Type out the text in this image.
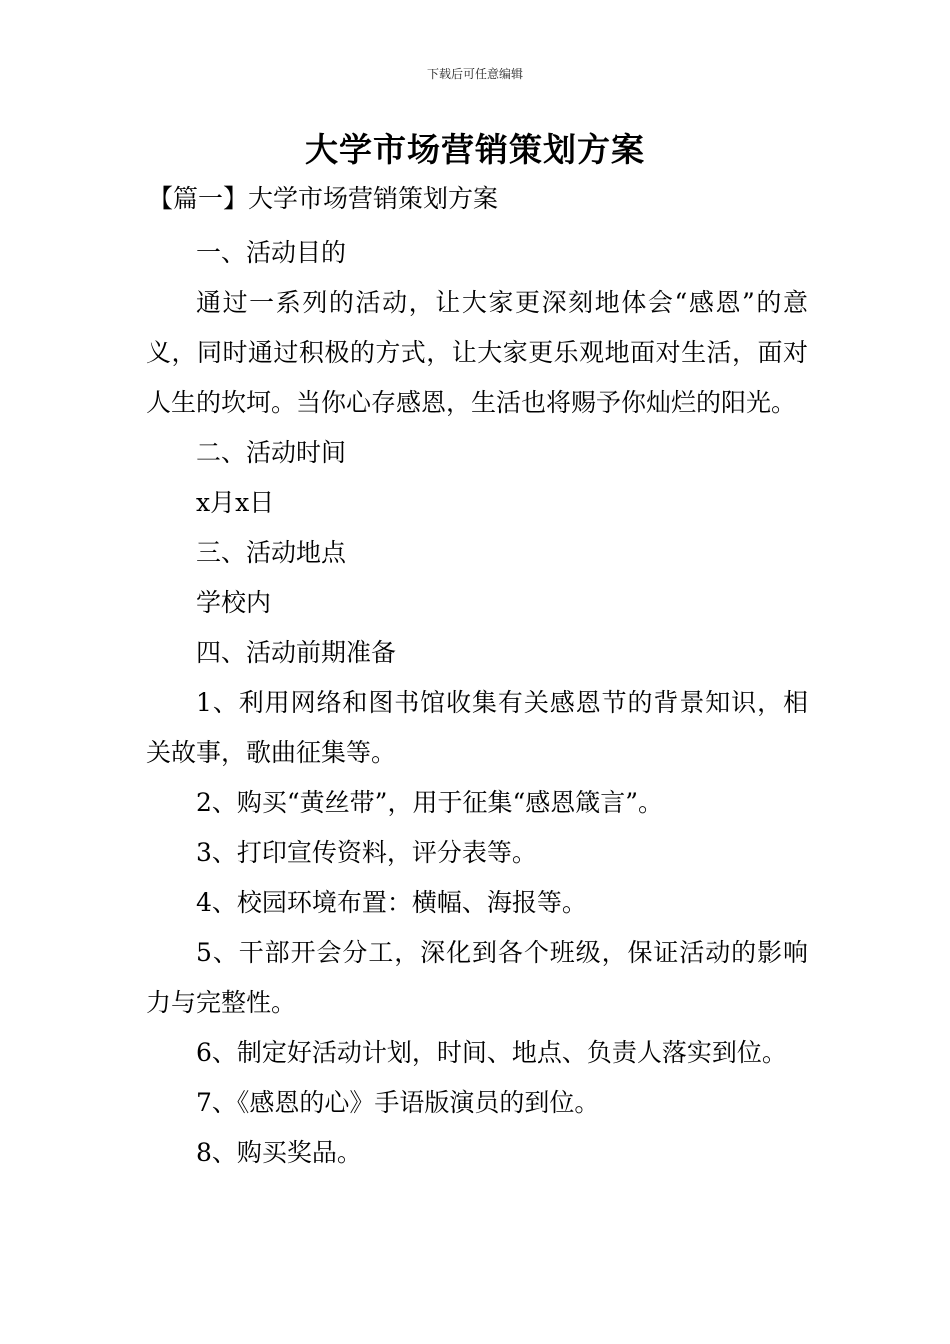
下载后可任意编辑
大学市场营销策划方案
【篇一】大学市场营销策划方案

一、活动目的

通过一系列的活动，让大家更深刻地体会“感恩”的意义，同时通过积极的方式，让大家更乐观地面对生活，面对人生的坎坷。当你心存感恩，生活也将赐予你灿烂的阳光。

二、活动时间

x月x日

三、活动地点

学校内

四、活动前期准备

1、利用网络和图书馆收集有关感恩节的背景知识，相关故事，歌曲征集等。

2、购买“黄丝带”，用于征集“感恩箴言”。

3、打印宣传资料，评分表等。

4、校园环境布置：横幅、海报等。

5、干部开会分工，深化到各个班级，保证活动的影响力与完整性。

6、制定好活动计划，时间、地点、负责人落实到位。

7、《感恩的心》手语版演员的到位。

8、购买奖品。
